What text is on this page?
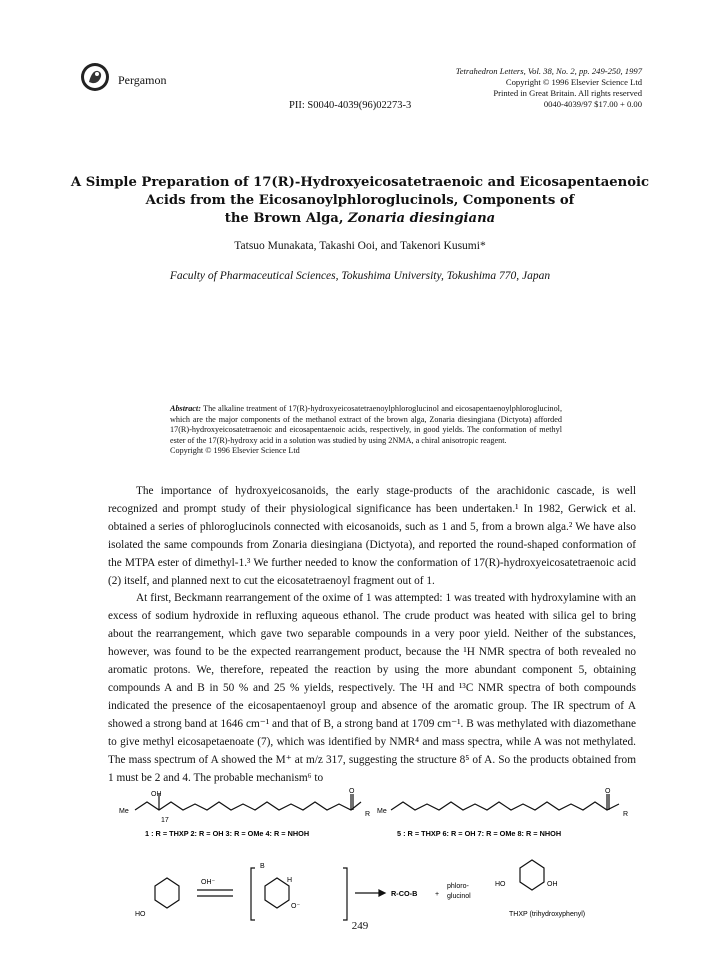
Pergamon
Tetrahedron Letters, Vol. 38, No. 2, pp. 249-250, 1997
Copyright © 1996 Elsevier Science Ltd
Printed in Great Britain. All rights reserved
0040-4039/97 $17.00 + 0.00
PII: S0040-4039(96)02273-3
A Simple Preparation of 17(R)-Hydroxyeicosatetraenoic and Eicosapentaenoic
Acids from the Eicosanoylphloroglucinols, Components of
the Brown Alga, Zonaria diesingiana
Tatsuo Munakata, Takashi Ooi, and Takenori Kusumi*
Faculty of Pharmaceutical Sciences, Tokushima University, Tokushima 770, Japan
Abstract: The alkaline treatment of 17(R)-hydroxyeicosatetraenoylphloroglucinol and eicosapentaenoylphloroglucinol, which are the major components of the methanol extract of the brown alga, Zonaria diesingiana (Dictyota) afforded 17(R)-hydroxyeicosatetraenoic and eicosapentaenoic acids, respectively, in good yields. The conformation of methyl ester of the 17(R)-hydroxy acid in a solution was studied by using 2NMA, a chiral anisotropic reagent.
Copyright © 1996 Elsevier Science Ltd

The importance of hydroxyeicosanoids, the early stage-products of the arachidonic cascade, is well recognized and prompt study of their physiological significance has been undertaken.¹ In 1982, Gerwick et al. obtained a series of phloroglucinols connected with eicosanoids, such as 1 and 5, from a brown alga.² We have also isolated the same compounds from Zonaria diesingiana (Dictyota), and reported the round-shaped conformation of the MTPA ester of dimethyl-1.³ We further needed to know the conformation of 17(R)-hydroxyeicosatetraenoic acid (2) itself, and planned next to cut the eicosatetraenoyl fragment out of 1.

At first, Beckmann rearrangement of the oxime of 1 was attempted: 1 was treated with hydroxylamine with an excess of sodium hydroxide in refluxing aqueous ethanol. The crude product was heated with silica gel to bring about the rearrangement, which gave two separable compounds in a very poor yield. Neither of the substances, however, was found to be the expected rearrangement product, because the ¹H NMR spectra of both revealed no aromatic protons. We, therefore, repeated the reaction by using the more abundant component 5, obtaining compounds A and B in 50 % and 25 % yields, respectively. The ¹H and ¹³C NMR spectra of both compounds indicated the presence of the eicosapentaenoyl group and absence of the aromatic group. The IR spectrum of A showed a strong band at 1646 cm⁻¹ and that of B, a strong band at 1709 cm⁻¹. B was methylated with diazomethane to give methyl eicosapetaenoate (7), which was identified by NMR⁴ and mass spectra, while A was not methylated. The mass spectrum of A showed the M⁺ at m/z 317, suggesting the structure 8⁵ of A. So the products obtained from 1 must be 2 and 4. The probable mechanism⁶ to

OH	O
Me
17
R Me
O
R
1 : R = THXP 2: R = OH 3: R = OMe 4: R = NHOH	5 : R = THXP 6: R = OH 7: R = OMe 8: R = NHOH
OH⁻
B
H
O⁻
HO
R-CO-B	+
phloro-
glucinol
HO	OH
THXP (trihydroxyphenyl)
249
